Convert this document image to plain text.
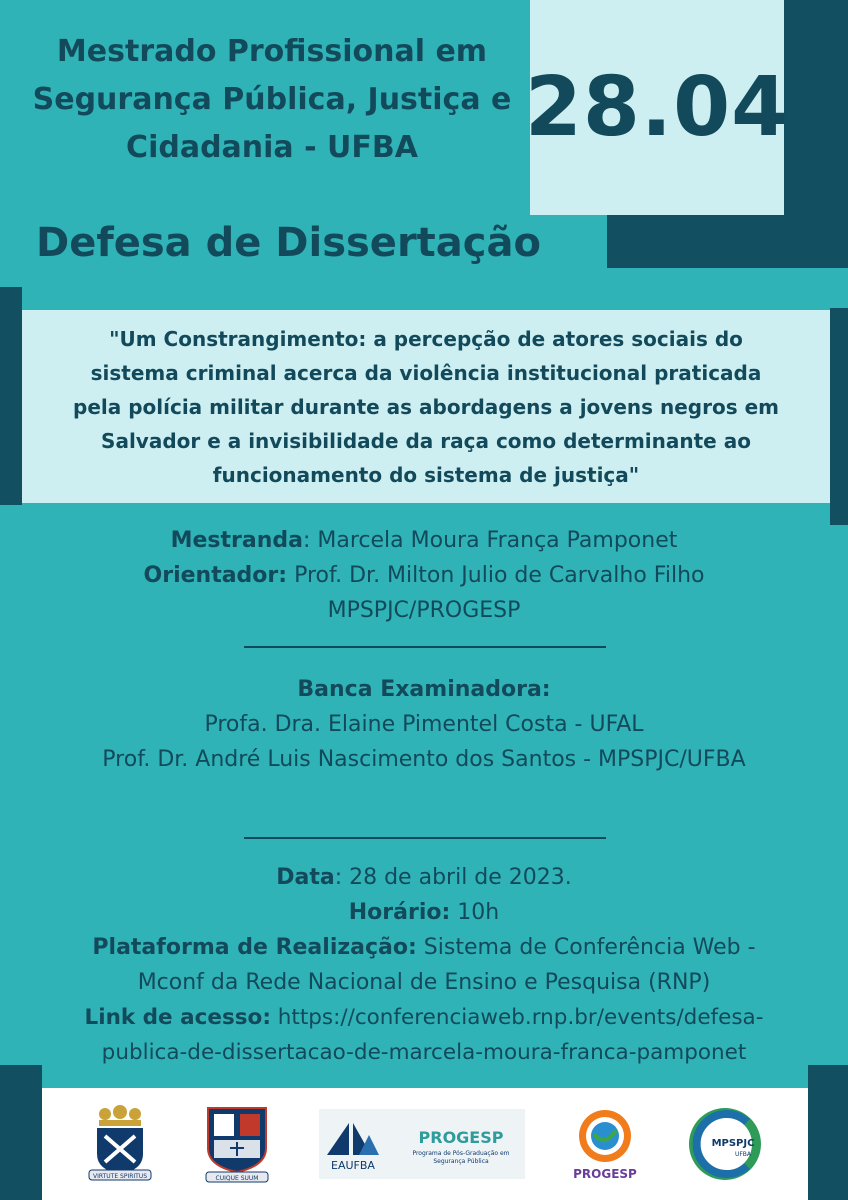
Mestrado Profissional em
Segurança Pública, Justiça e
Cidadania - UFBA	28.04
Defesa de Dissertação
"Um Constrangimento: a percepção de atores sociais do
sistema criminal acerca da violência institucional praticada
pela polícia militar durante as abordagens a jovens negros em
Salvador e a invisibilidade da raça como determinante ao
funcionamento do sistema de justiça"
Mestranda: Marcela Moura França Pamponet
Orientador: Prof. Dr. Milton Julio de Carvalho Filho
MPSPJC/PROGESP
Banca Examinadora:
Profa. Dra. Elaine Pimentel Costa - UFAL
Prof. Dr. André Luis Nascimento dos Santos - MPSPJC/UFBA
Data: 28 de abril de 2023.
Horário: 10h
Plataforma de Realização: Sistema de Conferência Web -
Mconf da Rede Nacional de Ensino e Pesquisa (RNP)
Link de acesso: https://conferenciaweb.rnp.br/events/defesa-
publica-de-dissertacao-de-marcela-moura-franca-pamponet
VIRTUTE SPIRITUS	CUIQUE SUUM
EAUFBA
PROGESP
Programa de Pós-Graduação em
Segurança Pública
PROGESP
MPSPJC
UFBA
